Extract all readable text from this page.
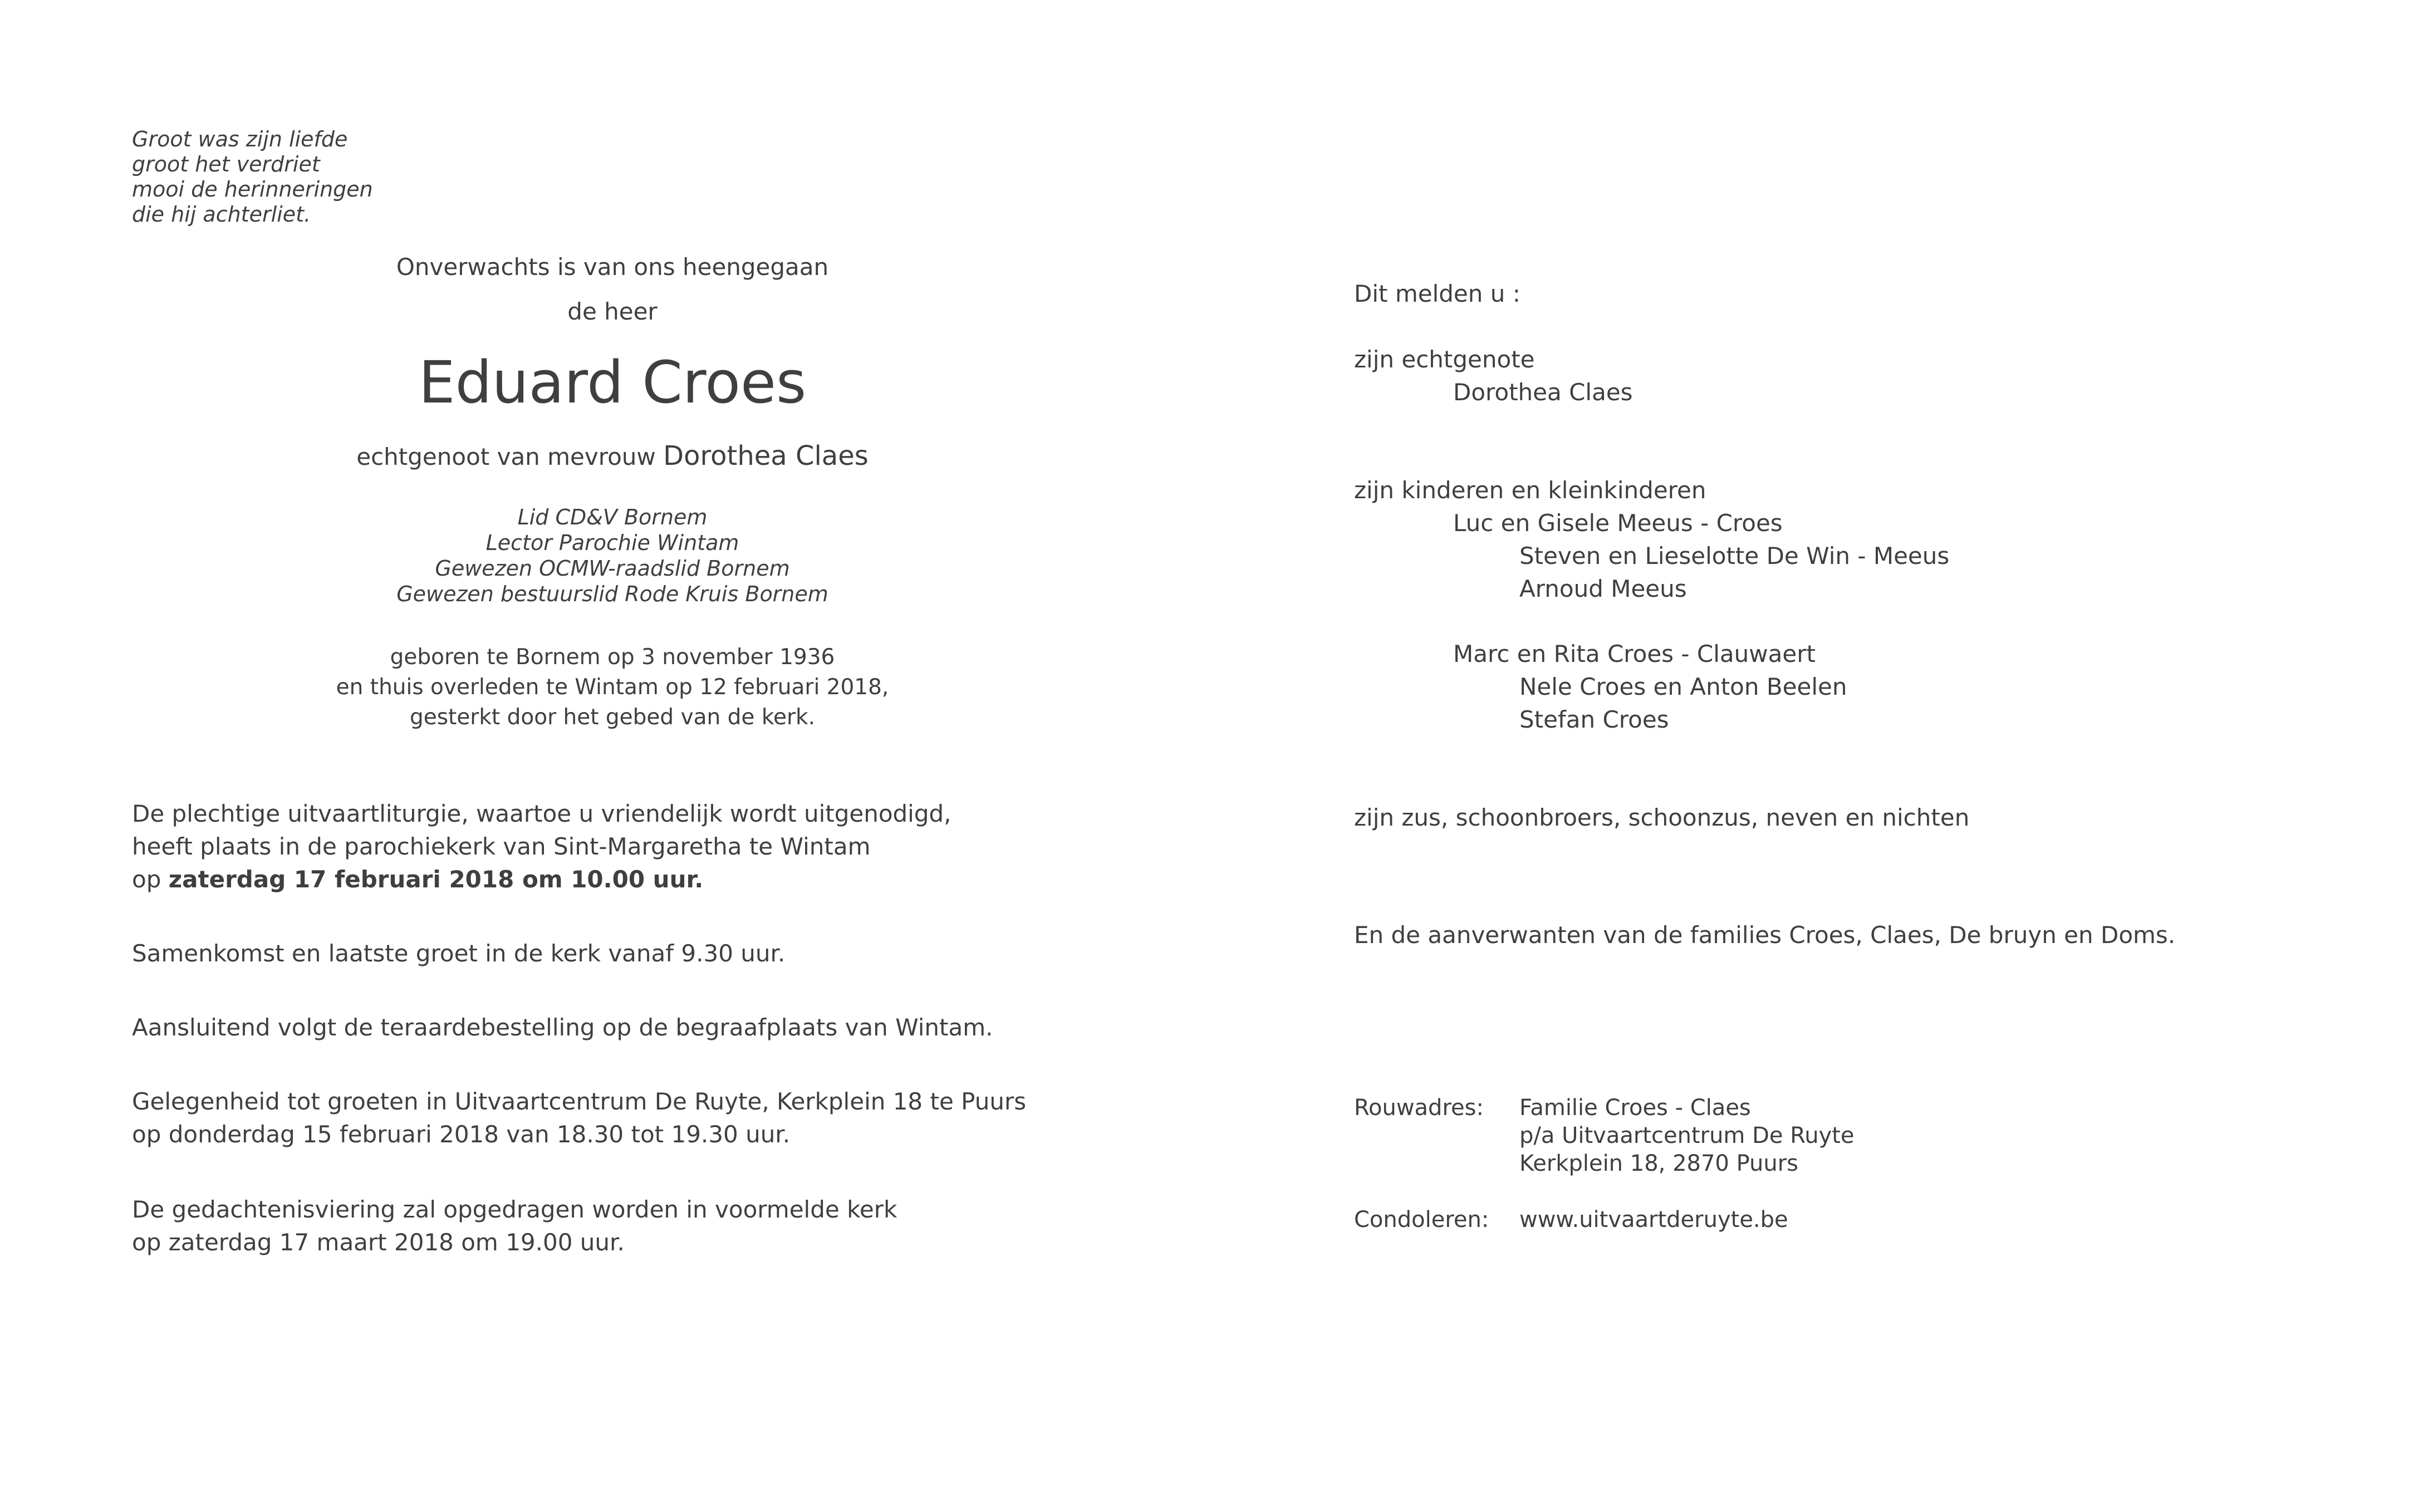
Groot was zijn liefde
groot het verdriet
mooi de herinneringen
die hij achterliet.
Onverwachts is van ons heengegaan
de heer
Eduard Croes
echtgenoot van mevrouw Dorothea Claes
Lid CD&V Bornem
Lector Parochie Wintam
Gewezen OCMW-raadslid Bornem
Gewezen bestuurslid Rode Kruis Bornem
geboren te Bornem op 3 november 1936
en thuis overleden te Wintam op 12 februari 2018,
gesterkt door het gebed van de kerk.
De plechtige uitvaartliturgie, waartoe u vriendelijk wordt uitgenodigd,
heeft plaats in de parochiekerk van Sint-Margaretha te Wintam
op zaterdag 17 februari 2018 om 10.00 uur.
Samenkomst en laatste groet in de kerk vanaf 9.30 uur.
Aansluitend volgt de teraardebestelling op de begraafplaats van Wintam.
Gelegenheid tot groeten in Uitvaartcentrum De Ruyte, Kerkplein 18 te Puurs
op donderdag 15 februari 2018 van 18.30 tot 19.30 uur.
De gedachtenisviering zal opgedragen worden in voormelde kerk
op zaterdag 17 maart 2018 om 19.00 uur.
Dit melden u :
zijn echtgenote
Dorothea Claes
zijn kinderen en kleinkinderen
Luc en Gisele Meeus - Croes
Steven en Lieselotte De Win - Meeus
Arnoud Meeus
Marc en Rita Croes - Clauwaert
Nele Croes en Anton Beelen
Stefan Croes
zijn zus, schoonbroers, schoonzus, neven en nichten
En de aanverwanten van de families Croes, Claes, De bruyn en Doms.
Rouwadres: Familie Croes - Claes
p/a Uitvaartcentrum De Ruyte
Kerkplein 18, 2870 Puurs
Condoleren: www.uitvaartderuyte.be
